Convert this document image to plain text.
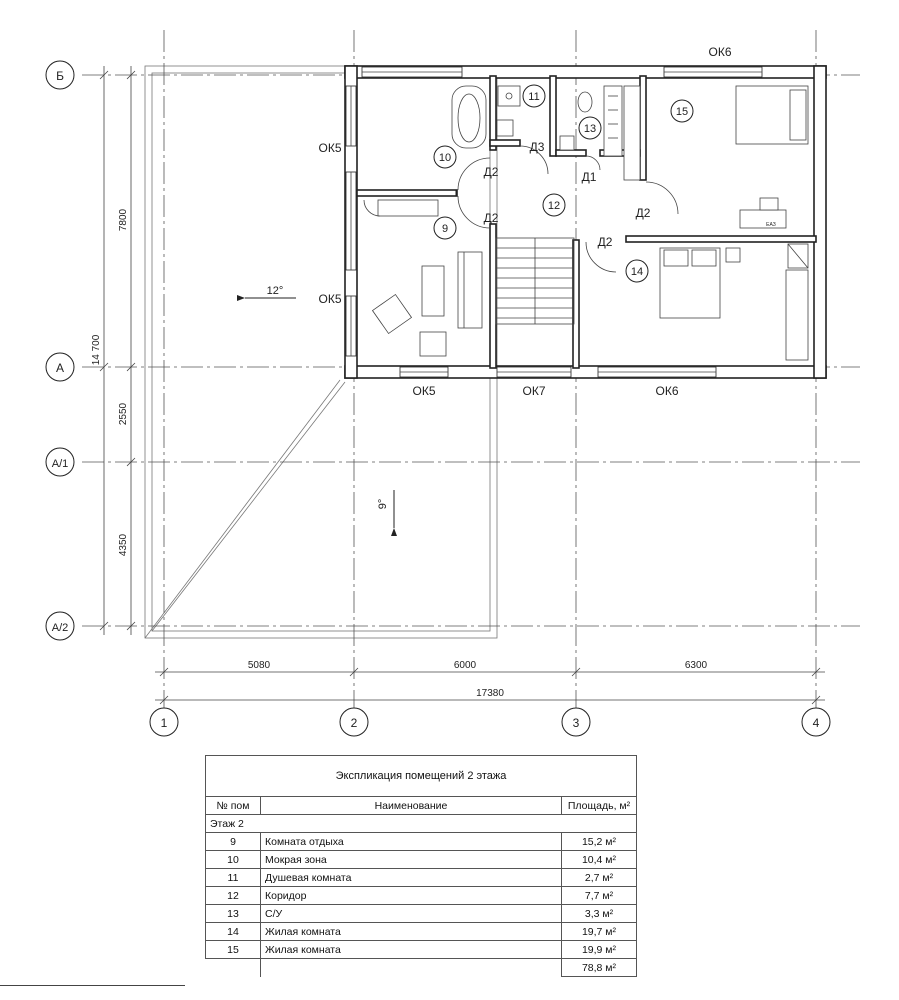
Б
А
А/1
А/2
1	2	3	4
5080	6000	6300
17380
7800
2550
4350
14 700
Д2
Д2
Д3
Д1
Д2
Д2
ЕАЗ
10
11
13
15
12
9
14
ОК6
ОК5
ОК5
ОК5	ОК7	ОК6
12°
9°
Экспликация помещений 2 этажа		
№ пом	Наименование	Площадь, м²
Этаж 2		
9	Комната отдыха	15,2 м²
10	Мокрая зона	10,4 м²
11	Душевая комната	2,7 м²
12	Коридор	7,7 м²
13	С/У	3,3 м²
14	Жилая комната	19,7 м²
15	Жилая комната	19,9 м²
		78,8 м²
